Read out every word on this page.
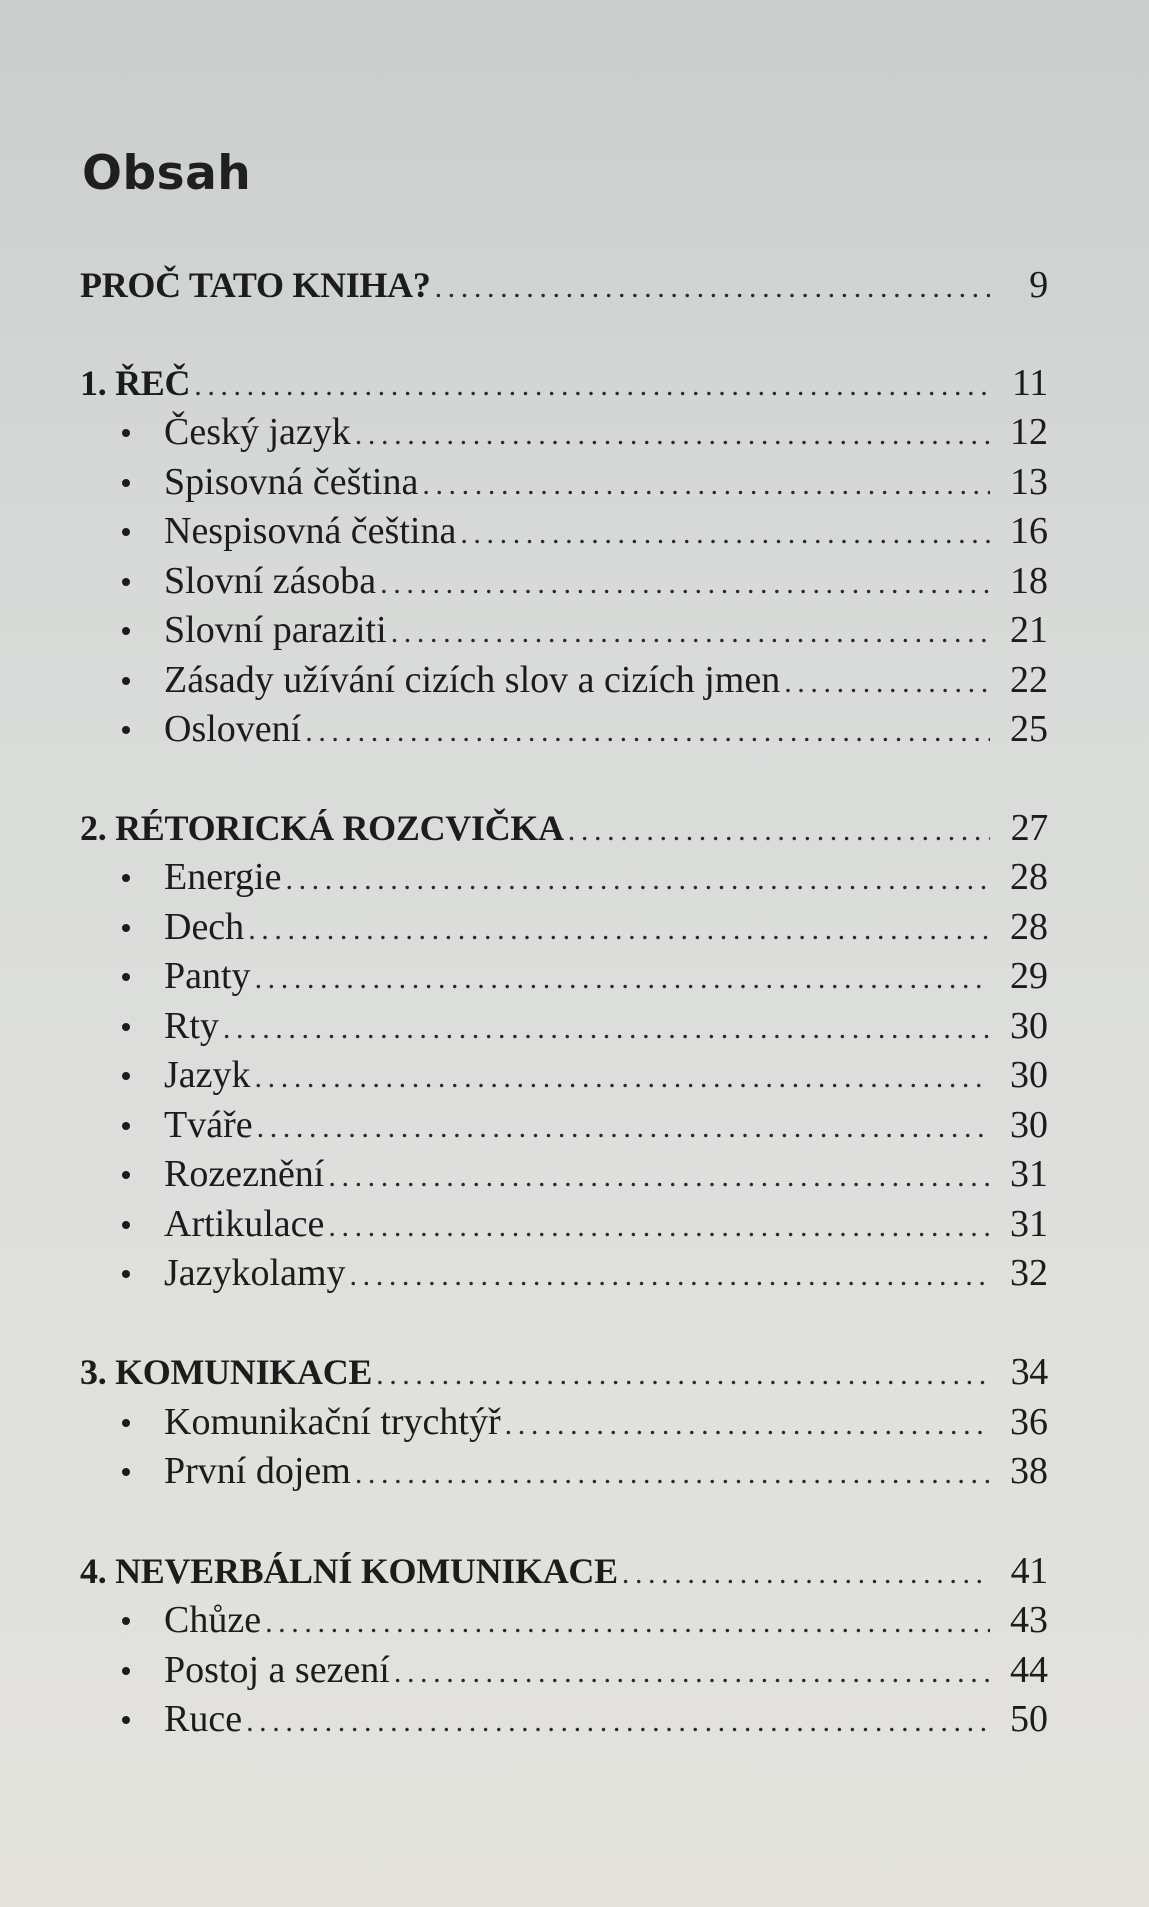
Obsah
PROČ TATO KNIHA? .....	9
1. ŘEČ .....	11
Český jazyk .....	12
Spisovná čeština .....	13
Nespisovná čeština .....	16
Slovní zásoba .....	18
Slovní paraziti .....	21
Zásady užívání cizích slov a cizích jmen .....	22
Oslovení .....	25
2. RÉTORICKÁ ROZCVIČKA .....	27
Energie .....	28
Dech .....	28
Panty .....	29
Rty .....	30
Jazyk .....	30
Tváře .....	30
Rozeznění .....	31
Artikulace .....	31
Jazykolamy .....	32
3. KOMUNIKACE .....	34
Komunikační trychtýř .....	36
První dojem .....	38
4. NEVERBÁLNÍ KOMUNIKACE .....	41
Chůze .....	43
Postoj a sezení .....	44
Ruce .....	50
